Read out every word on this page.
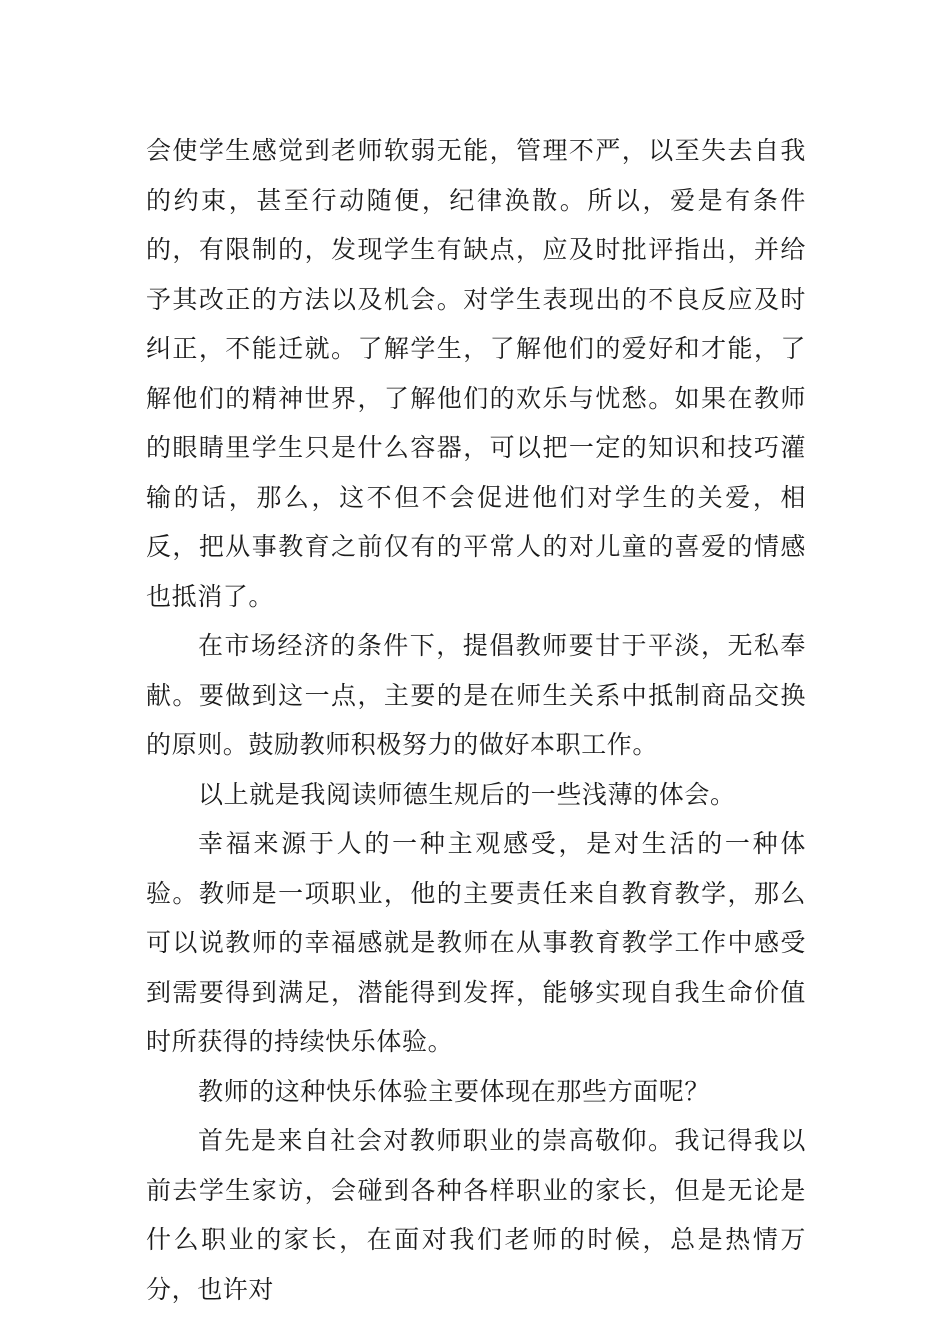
会使学生感觉到老师软弱无能，管理不严，以至失去自我的约束，甚至行动随便，纪律涣散。所以，爱是有条件的，有限制的，发现学生有缺点，应及时批评指出，并给予其改正的方法以及机会。对学生表现出的不良反应及时纠正，不能迁就。了解学生，了解他们的爱好和才能，了解他们的精神世界，了解他们的欢乐与忧愁。如果在教师的眼睛里学生只是什么容器，可以把一定的知识和技巧灌输的话，那么，这不但不会促进他们对学生的关爱，相反，把从事教育之前仅有的平常人的对儿童的喜爱的情感也抵消了。

在市场经济的条件下，提倡教师要甘于平淡，无私奉献。要做到这一点，主要的是在师生关系中抵制商品交换的原则。鼓励教师积极努力的做好本职工作。

以上就是我阅读师德生规后的一些浅薄的体会。

幸福来源于人的一种主观感受，是对生活的一种体验。教师是一项职业，他的主要责任来自教育教学，那么可以说教师的幸福感就是教师在从事教育教学工作中感受到需要得到满足，潜能得到发挥，能够实现自我生命价值时所获得的持续快乐体验。

教师的这种快乐体验主要体现在那些方面呢？

首先是来自社会对教师职业的崇高敬仰。我记得我以前去学生家访，会碰到各种各样职业的家长，但是无论是什么职业的家长，在面对我们老师的时候，总是热情万分，也许对
